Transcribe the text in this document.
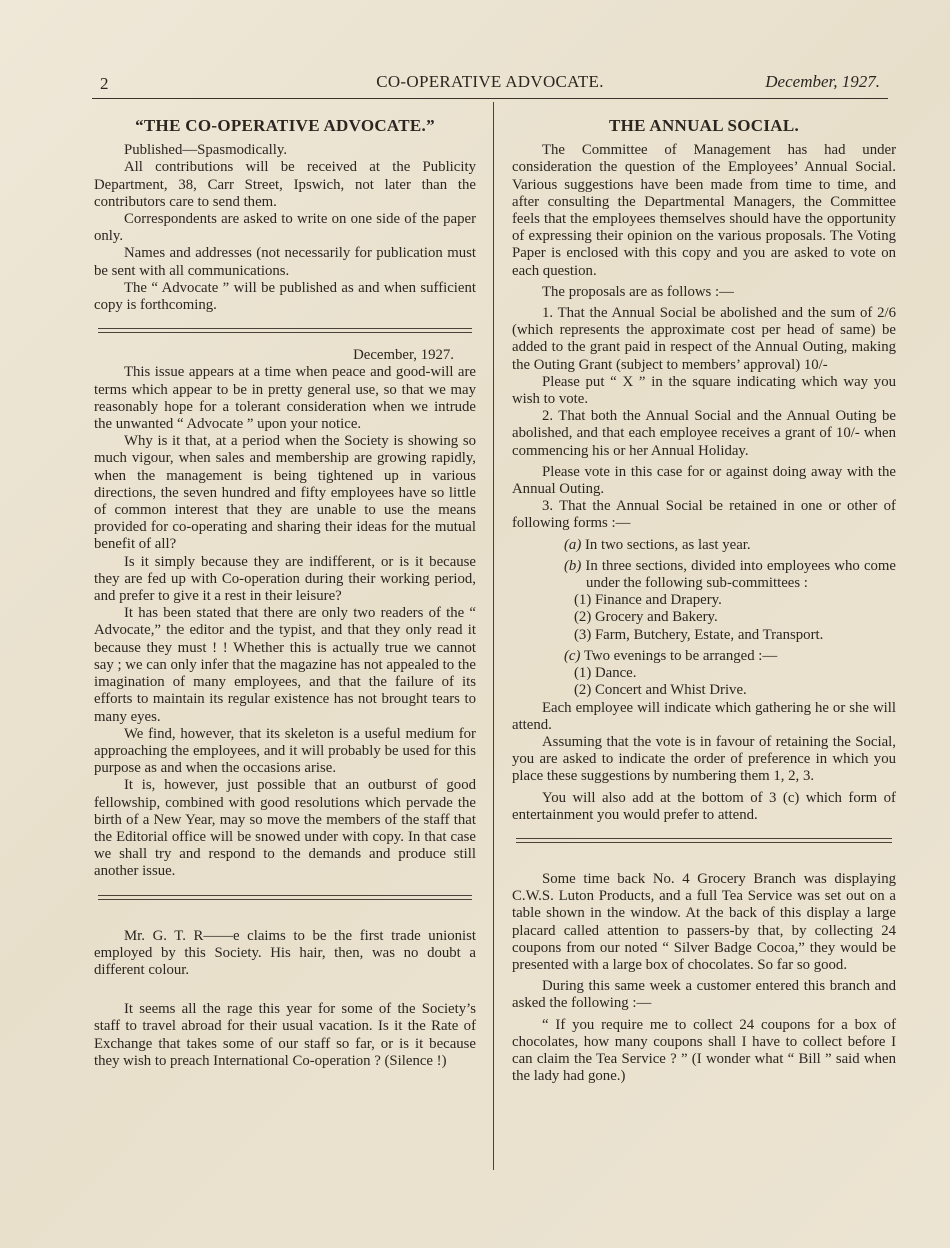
2	CO-OPERATIVE ADVOCATE.	December, 1927.
“THE CO-OPERATIVE ADVOCATE.”

Published—Spasmodically.

All contributions will be received at the Publicity Department, 38, Carr Street, Ipswich, not later than the contributors care to send them.

Correspondents are asked to write on one side of the paper only.

Names and addresses (not necessarily for publication must be sent with all communications.

The “ Advocate ” will be published as and when sufficient copy is forthcoming.

December, 1927.

This issue appears at a time when peace and good-will are terms which appear to be in pretty general use, so that we may reasonably hope for a tolerant consideration when we intrude the unwanted “ Advocate ” upon your notice.

Why is it that, at a period when the Society is showing so much vigour, when sales and membership are growing rapidly, when the management is being tightened up in various directions, the seven hundred and fifty employees have so little of common interest that they are unable to use the means provided for co-operating and sharing their ideas for the mutual benefit of all?

Is it simply because they are indifferent, or is it because they are fed up with Co-operation during their working period, and prefer to give it a rest in their leisure?

It has been stated that there are only two readers of the “ Advocate,” the editor and the typist, and that they only read it because they must ! ! Whether this is actually true we cannot say ; we can only infer that the magazine has not appealed to the imagination of many employees, and that the failure of its efforts to maintain its regular existence has not brought tears to many eyes.

We find, however, that its skeleton is a useful medium for approaching the employees, and it will probably be used for this purpose as and when the occasions arise.

It is, however, just possible that an outburst of good fellowship, combined with good resolutions which pervade the birth of a New Year, may so move the members of the staff that the Editorial office will be snowed under with copy. In that case we shall try and respond to the demands and produce still another issue.

Mr. G. T. R——e claims to be the first trade unionist employed by this Society. His hair, then, was no doubt a different colour.

It seems all the rage this year for some of the Society’s staff to travel abroad for their usual vacation. Is it the Rate of Exchange that takes some of our staff so far, or is it because they wish to preach International Co-operation ? (Silence !)

THE ANNUAL SOCIAL.

The Committee of Management has had under consideration the question of the Employees’ Annual Social. Various suggestions have been made from time to time, and after consulting the Departmental Managers, the Committee feels that the employees themselves should have the opportunity of expressing their opinion on the various proposals. The Voting Paper is enclosed with this copy and you are asked to vote on each question.

The proposals are as follows :—

1. That the Annual Social be abolished and the sum of 2/6 (which represents the approximate cost per head of same) be added to the grant paid in respect of the Annual Outing, making the Outing Grant (subject to members’ approval) 10/-

Please put “ X ” in the square indicating which way you wish to vote.

2. That both the Annual Social and the Annual Outing be abolished, and that each employee receives a grant of 10/- when commencing his or her Annual Holiday.

Please vote in this case for or against doing away with the Annual Outing.

3. That the Annual Social be retained in one or other of following forms :—

(a) In two sections, as last year.

(b) In three sections, divided into employees who come under the following sub-committees :

(1) Finance and Drapery.

(2) Grocery and Bakery.

(3) Farm, Butchery, Estate, and Transport.

(c) Two evenings to be arranged :—

(1) Dance.

(2) Concert and Whist Drive.

Each employee will indicate which gathering he or she will attend.

Assuming that the vote is in favour of retaining the Social, you are asked to indicate the order of preference in which you place these suggestions by numbering them 1, 2, 3.

You will also add at the bottom of 3 (c) which form of entertainment you would prefer to attend.

Some time back No. 4 Grocery Branch was displaying C.W.S. Luton Products, and a full Tea Service was set out on a table shown in the window. At the back of this display a large placard called attention to passers-by that, by collecting 24 coupons from our noted “ Silver Badge Cocoa,” they would be presented with a large box of chocolates. So far so good.

During this same week a customer entered this branch and asked the following :—

“ If you require me to collect 24 coupons for a box of chocolates, how many coupons shall I have to collect before I can claim the Tea Service ? ” (I wonder what “ Bill ” said when the lady had gone.)
